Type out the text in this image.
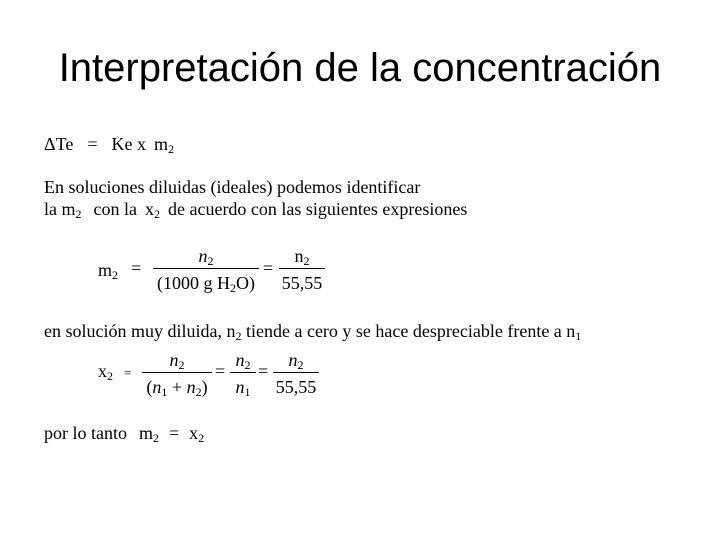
Interpretación de la concentración
ΔTe = Ke x $m_2$
En soluciones diluidas (ideales) podemos identificar
la $m_2$ con la $x_2$ de acuerdo con las siguientes expresiones
$m_2$ =
$n_2$
(1000 g $H_2O$)
=
$n_2$
55,55
en solución muy diluida, $n_2$ tiende a cero y se hace despreciable frente a $n_1$
$x_2$ =
$n_2$
$(n_1 + n_2)$
=
$n_2$
$n_1$
=
$n_2$
55,55
por lo tanto $m_2 = x_2$
